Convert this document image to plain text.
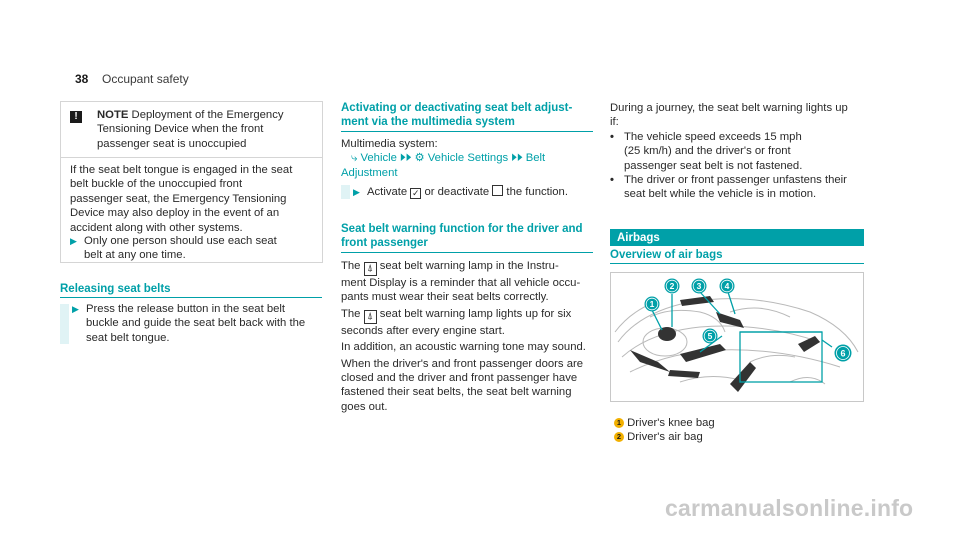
38 Occupant safety
!	NOTE Deployment of the Emergency
Tensioning Device when the front
passenger seat is unoccupied
If the seat belt tongue is engaged in the seat
belt buckle of the unoccupied front
passenger seat, the Emergency Tensioning
Device may also deploy in the event of an
accident along with other systems.
▶ Only one person should use each seat
belt at any one time.
Releasing seat belts
▶ Press the release button in the seat belt
buckle and guide the seat belt back with the
seat belt tongue.
Activating or deactivating seat belt adjust-
ment via the multimedia system
Multimedia system:
⤷ Vehicle ⏵⏵ ⚙ Vehicle Settings ⏵⏵ Belt
Adjustment
▶ Activate ✓ or deactivate  the function.
Seat belt warning function for the driver and
front passenger
The ⍋ seat belt warning lamp in the Instru-
ment Display is a reminder that all vehicle occu-
pants must wear their seat belts correctly.
The ⍋ seat belt warning lamp lights up for six
seconds after every engine start.
In addition, an acoustic warning tone may sound.
When the driver's and front passenger doors are
closed and the driver and front passenger have
fastened their seat belts, the seat belt warning
goes out.
During a journey, the seat belt warning lights up
if:
• The vehicle speed exceeds 15 mph
(25 km/h) and the driver's or front
passenger seat belt is not fastened.
• The driver or front passenger unfastens their
seat belt while the vehicle is in motion.
Airbags
Overview of air bags
1
2	3	4
5
6
1 Driver's knee bag
2 Driver's air bag
carmanualsonline.info
